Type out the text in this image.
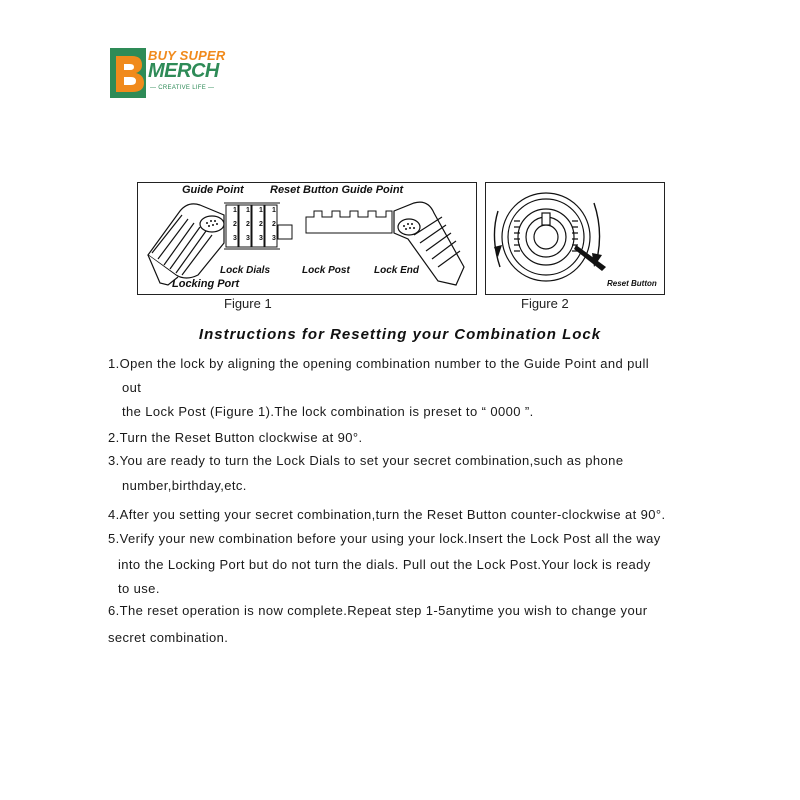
BUY SUPER
MERCH
— CREATIVE LIFE —
1 1 1 1
2 2 2 2
3 3 3 3
Guide Point Reset Button Guide Point
Lock Dials	Lock Post Lock End
Locking Port
Figure 1
Reset Button
Figure 2
Instructions for Resetting your Combination Lock
1.Open the lock by aligning the opening combination number to the Guide Point and pull
out
the Lock Post (Figure 1).The lock combination is preset to “ 0000 ”.
2.Turn the Reset Button clockwise at 90°.
3.You are ready to turn the Lock Dials to set your secret combination,such as phone
number,birthday,etc.
4.After you setting your secret combination,turn the Reset Button counter-clockwise at 90°.
5.Verify your new combination before your using your lock.Insert the Lock Post all the way
into the Locking Port but do not turn the dials. Pull out the Lock Post.Your lock is ready
to use.
6.The reset operation is now complete.Repeat step 1-5anytime you wish to change your
secret combination.
